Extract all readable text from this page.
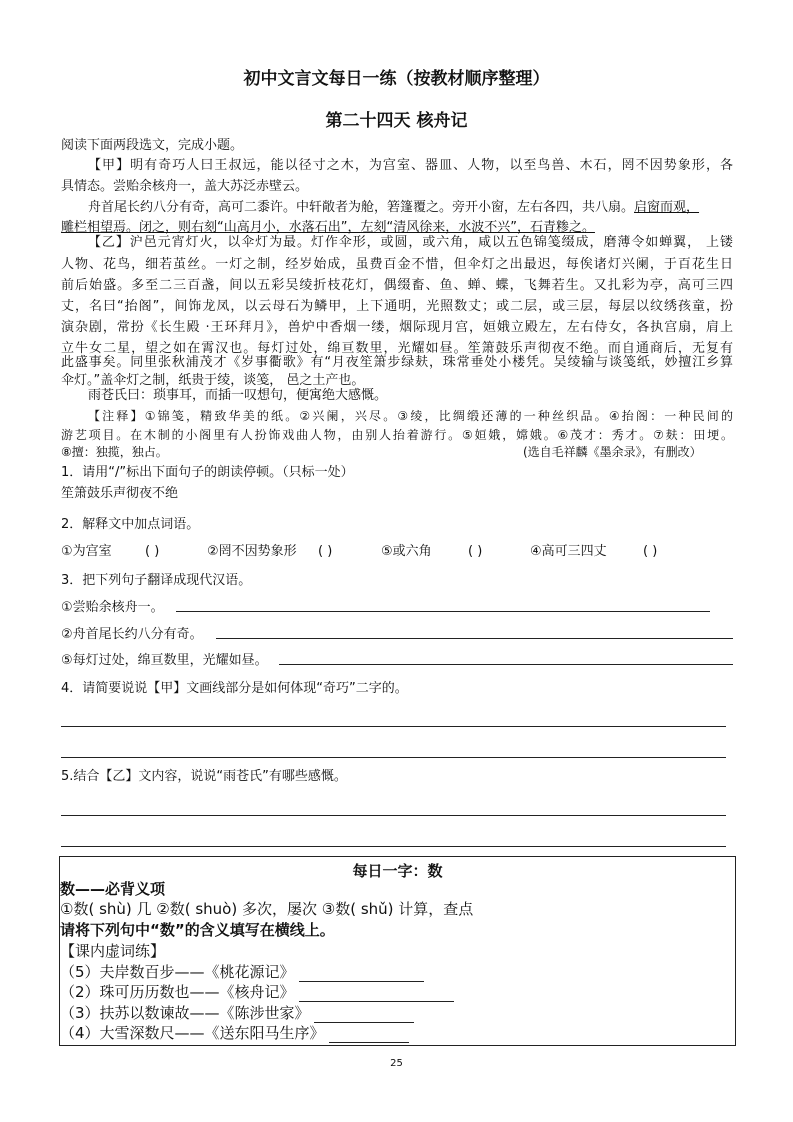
初中文言文每日一练（按教材顺序整理）
第二十四天 核舟记
阅读下面两段选文，完成小题。
【甲】明有奇巧人曰王叔远，能以径寸之木，为宫室、器皿、人物，以至鸟兽、木石，罔不因势象形，各
具情态。尝贻余核舟一，盖大苏泛赤壁云。
舟首尾长约八分有奇，高可二黍许。中轩敞者为舱，箬篷覆之。旁开小窗，左右各四，共八扇。启窗而观，
雕栏相望焉。闭之，则右刻“山高月小，水落石出”，左刻“清风徐来，水波不兴”，石青糁之。
【乙】沪邑元宵灯火，以伞灯为最。灯作伞形，或圆，或六角，咸以五色锦笺缀成，磨薄令如蝉翼， 上镂
人物、花鸟，细若茧丝。一灯之制，经岁始成，虽费百金不惜，但伞灯之出最迟，每俟诸灯兴阑，于百花生日
前后始盛。多至二三百盏，间以五彩吴绫折枝花灯，偶缀畜、鱼、蝉、蝶，飞舞若生。又扎彩为亭，高可三四
丈，名曰“抬阁”，间饰龙凤，以云母石为鳞甲，上下通明，光照数丈；或二层，或三层，每层以纹绣孩童，扮
演杂剧，常扮《长生殿 ·王环拜月》，兽炉中香烟一缕，烟际现月宫，姮娥立殿左，左右侍女，各执宫扇，肩上
立牛女二星，望之如在霄汉也。每灯过处，绵亘数里，光耀如昼。笙箫鼓乐声彻夜不绝。而自通商后，无复有
此盛事矣。同里张秋浦茂才《岁事衢歌》有“月夜笙箫步绿麸，珠常垂处小楼凭。吴绫输与谈笺纸，妙擅江乡算
伞灯。”盖伞灯之制，纸贵于绫，谈笺， 邑之土产也。
雨苍氏曰：琐事耳，而插一叹想句，便寓绝大感慨。
【注释】①锦笺，精致华美的纸。②兴阑，兴尽。③绫，比绸缎还薄的一种丝织品。④抬阁：一种民间的
游艺项目。在木制的小阁里有人扮饰戏曲人物，由别人抬着游行。⑤姮娥，嫦娥。⑥茂才：秀才。⑦麸：田埂。
⑧擅：独揽，独占。	(选自毛祥麟《墨余录》，有删改）
1．请用“/”标出下面句子的朗读停顿。（只标一处）
笙箫鼓乐声彻夜不绝
2．解释文中加点词语。
①为宫室	( )	②罔不因势象形 ( )	⑤或六角	( )	④高可三四丈	( )
3．把下列句子翻译成现代汉语。
①尝贻余核舟一。
②舟首尾长约八分有奇。
⑤每灯过处，绵亘数里，光耀如昼。
4．请简要说说【甲】文画线部分是如何体现“奇巧”二字的。
5.结合【乙】文内容，说说“雨苍氏”有哪些感慨。
每日一字：数
数——必背义项
①数( shù) 几 ②数( shuò) 多次，屡次 ③数( shǔ) 计算，查点
请将下列句中“数”的含义填写在横线上。
【课内虚词练】
（5）夫岸数百步——《桃花源记》
（2）珠可历历数也——《核舟记》
（3）扶苏以数谏故——《陈涉世家》
（4）大雪深数尺——《送东阳马生序》
25
